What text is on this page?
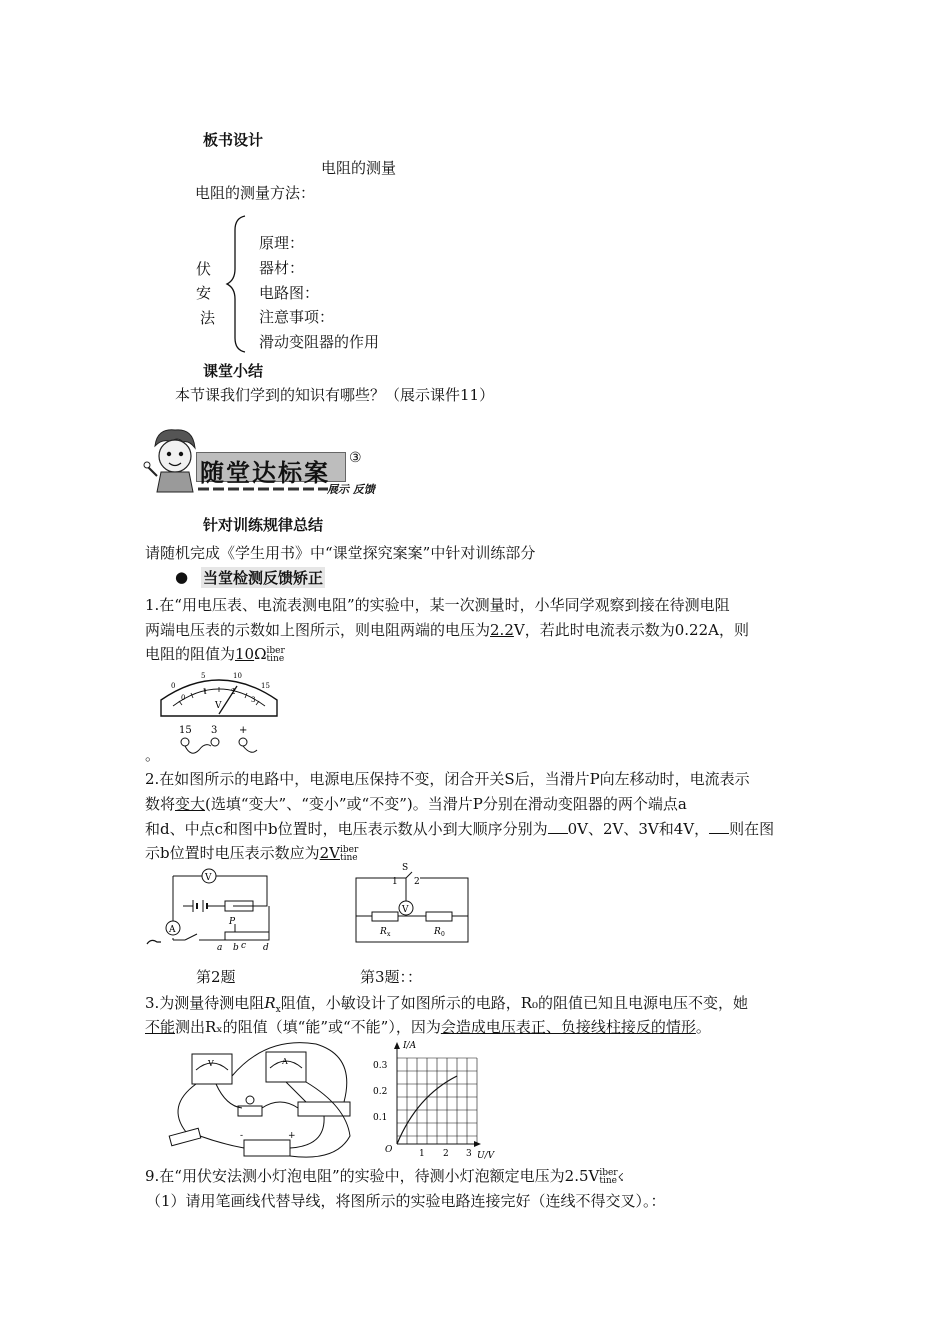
板书设计
电阻的测量
电阻的测量方法：
伏
安
法
原理：
器材：
电路图：
注意事项：
滑动变阻器的作用
课堂小结
本节课我们学到的知识有哪些？（展示课件11）
随堂达标案
③
展示 反馈
针对训练规律总结
请随机完成《学生用书》中“课堂探究案案”中针对训练部分
● 当堂检测反馈矫正
1.在“用电压表、电流表测电阻”的实验中，某一次测量时，小华同学观察到接在待测电阻
两端电压表的示数如上图所示，则电阻两端的电压为2.2V，若此时电流表示数为0.22A，则
电阻的阻值为10Ωiber
tine
V
0
5	10
15
0
1	2
3
15 3 +
。
2.在如图所示的电路中，电源电压保持不变，闭合开关S后，当滑片P向左移动时，电流表示
数将变大(选填“变大”、“变小”或“不变”)。当滑片P分别在滑动变阻器的两个端点a
和d、中点c和图中b位置时，电压表示数从小到大顺序分别为 0V、2V、3V和4V， 则在图
示b位置时电压表示数应为2Viber
tine
V
A
P
a b c d
S
1 2
V
R x	R 0
第2题	第3题：：
3.为测量待测电阻$R_x$阻值，小敏设计了如图所示的电路，R₀的阻值已知且电源电压不变，她
不能测出Rₓ的阻值（填“能”或“不能”），因为会造成电压表正、负接线柱接反的情形。
V	A
+
-
I/A
U/V
O
0.3
0.2
0.1
1 2 3
9.在“用伏安法测小灯泡电阻”的实验中，待测小灯泡额定电压为2.5Viber
tine☇
（1）请用笔画线代替导线，将图所示的实验电路连接完好（连线不得交叉）。：
